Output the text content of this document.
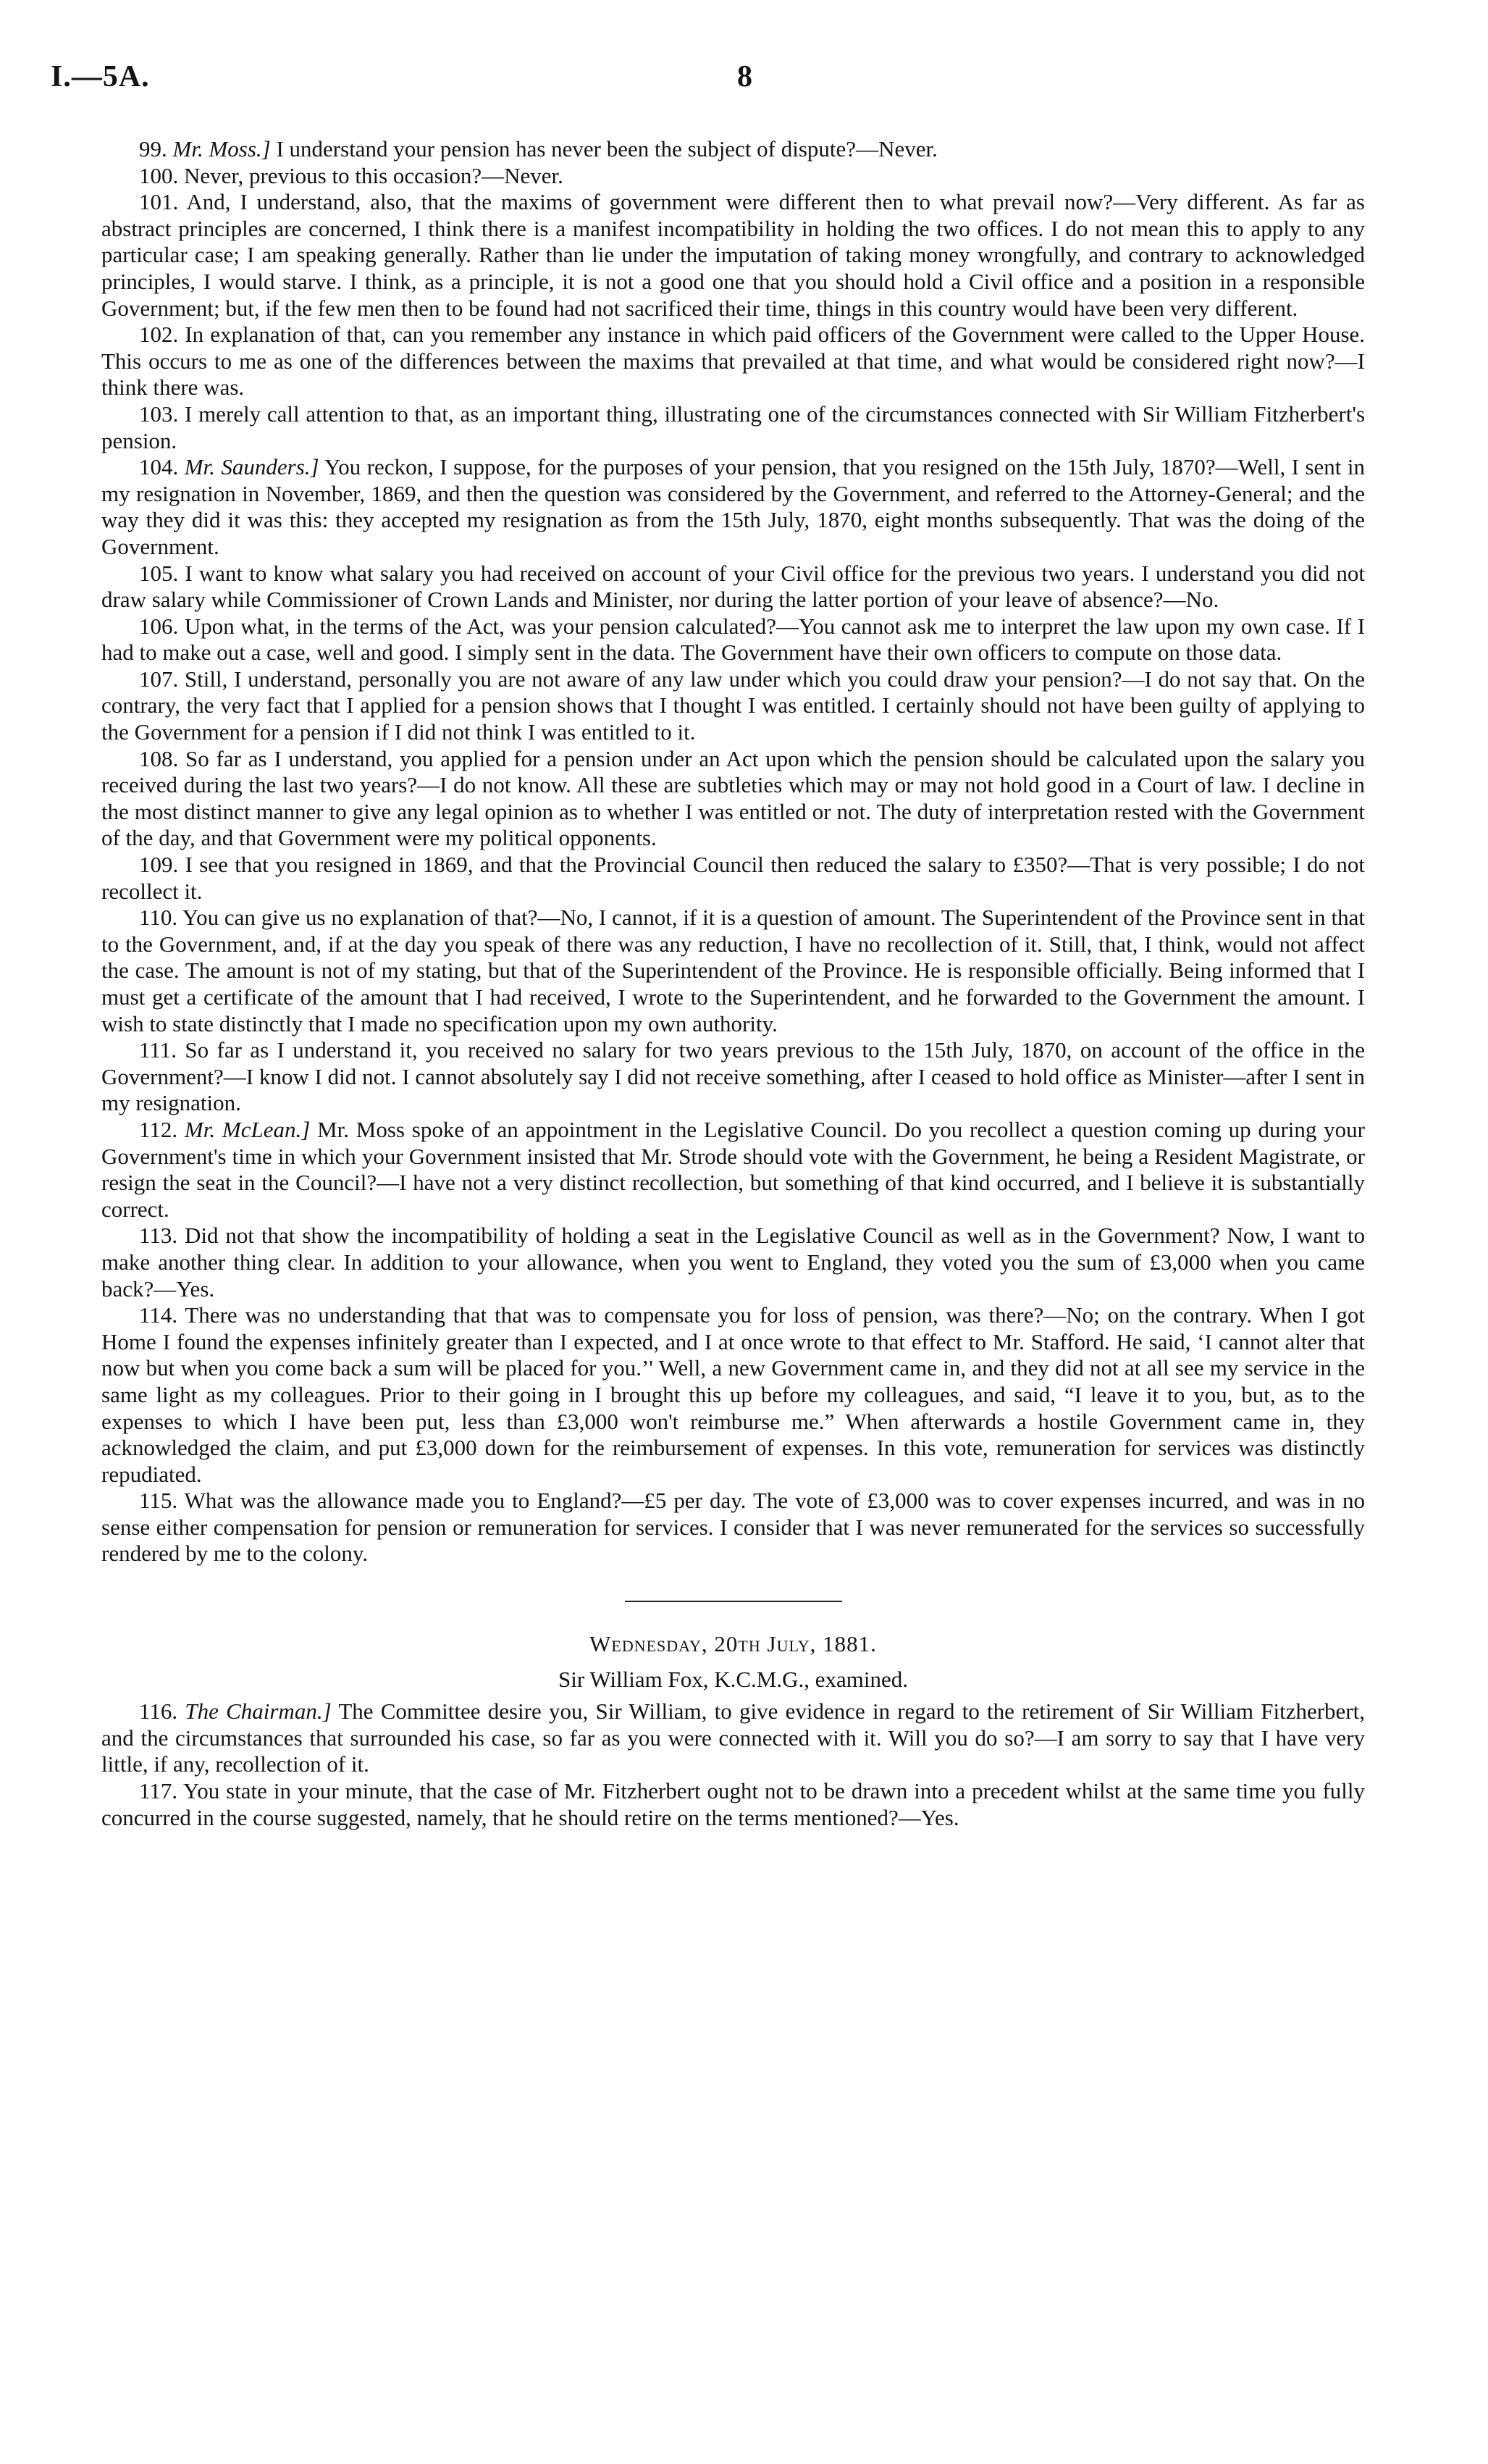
I.—5A.	8

99. Mr. Moss.] I understand your pension has never been the subject of dispute?—Never.

100. Never, previous to this occasion?—Never.

101. And, I understand, also, that the maxims of government were different then to what prevail now?—Very different. As far as abstract principles are concerned, I think there is a manifest incompatibility in holding the two offices. I do not mean this to apply to any particular case; I am speaking generally. Rather than lie under the imputation of taking money wrongfully, and contrary to acknowledged principles, I would starve. I think, as a principle, it is not a good one that you should hold a Civil office and a position in a responsible Government; but, if the few men then to be found had not sacrificed their time, things in this country would have been very different.

102. In explanation of that, can you remember any instance in which paid officers of the Government were called to the Upper House. This occurs to me as one of the differences between the maxims that prevailed at that time, and what would be considered right now?—I think there was.

103. I merely call attention to that, as an important thing, illustrating one of the circumstances connected with Sir William Fitzherbert's pension.

104. Mr. Saunders.] You reckon, I suppose, for the purposes of your pension, that you resigned on the 15th July, 1870?—Well, I sent in my resignation in November, 1869, and then the question was considered by the Government, and referred to the Attorney-General; and the way they did it was this: they accepted my resignation as from the 15th July, 1870, eight months subsequently. That was the doing of the Government.

105. I want to know what salary you had received on account of your Civil office for the previous two years. I understand you did not draw salary while Commissioner of Crown Lands and Minister, nor during the latter portion of your leave of absence?—No.

106. Upon what, in the terms of the Act, was your pension calculated?—You cannot ask me to interpret the law upon my own case. If I had to make out a case, well and good. I simply sent in the data. The Government have their own officers to compute on those data.

107. Still, I understand, personally you are not aware of any law under which you could draw your pension?—I do not say that. On the contrary, the very fact that I applied for a pension shows that I thought I was entitled. I certainly should not have been guilty of applying to the Government for a pension if I did not think I was entitled to it.

108. So far as I understand, you applied for a pension under an Act upon which the pension should be calculated upon the salary you received during the last two years?—I do not know. All these are subtleties which may or may not hold good in a Court of law. I decline in the most distinct manner to give any legal opinion as to whether I was entitled or not. The duty of interpretation rested with the Government of the day, and that Government were my political opponents.

109. I see that you resigned in 1869, and that the Provincial Council then reduced the salary to £350?—That is very possible; I do not recollect it.

110. You can give us no explanation of that?—No, I cannot, if it is a question of amount. The Superintendent of the Province sent in that to the Government, and, if at the day you speak of there was any reduction, I have no recollection of it. Still, that, I think, would not affect the case. The amount is not of my stating, but that of the Superintendent of the Province. He is responsible officially. Being informed that I must get a certificate of the amount that I had received, I wrote to the Superintendent, and he forwarded to the Government the amount. I wish to state distinctly that I made no specification upon my own authority.

111. So far as I understand it, you received no salary for two years previous to the 15th July, 1870, on account of the office in the Government?—I know I did not. I cannot absolutely say I did not receive something, after I ceased to hold office as Minister—after I sent in my resignation.

112. Mr. McLean.] Mr. Moss spoke of an appointment in the Legislative Council. Do you recollect a question coming up during your Government's time in which your Government insisted that Mr. Strode should vote with the Government, he being a Resident Magistrate, or resign the seat in the Council?—I have not a very distinct recollection, but something of that kind occurred, and I believe it is substantially correct.

113. Did not that show the incompatibility of holding a seat in the Legislative Council as well as in the Government? Now, I want to make another thing clear. In addition to your allowance, when you went to England, they voted you the sum of £3,000 when you came back?—Yes.

114. There was no understanding that that was to compensate you for loss of pension, was there?—No; on the contrary. When I got Home I found the expenses infinitely greater than I expected, and I at once wrote to that effect to Mr. Stafford. He said, ‘I cannot alter that now but when you come back a sum will be placed for you.’' Well, a new Government came in, and they did not at all see my service in the same light as my colleagues. Prior to their going in I brought this up before my colleagues, and said, “I leave it to you, but, as to the expenses to which I have been put, less than £3,000 won't reimburse me.” When afterwards a hostile Government came in, they acknowledged the claim, and put £3,000 down for the reimbursement of expenses. In this vote, remuneration for services was distinctly repudiated.

115. What was the allowance made you to England?—£5 per day. The vote of £3,000 was to cover expenses incurred, and was in no sense either compensation for pension or remuneration for services. I consider that I was never remunerated for the services so successfully rendered by me to the colony.

Wednesday, 20th July, 1881.

Sir William Fox, K.C.M.G., examined.

116. The Chairman.] The Committee desire you, Sir William, to give evidence in regard to the retirement of Sir William Fitzherbert, and the circumstances that surrounded his case, so far as you were connected with it. Will you do so?—I am sorry to say that I have very little, if any, recollection of it.

117. You state in your minute, that the case of Mr. Fitzherbert ought not to be drawn into a precedent whilst at the same time you fully concurred in the course suggested, namely, that he should retire on the terms mentioned?—Yes.
